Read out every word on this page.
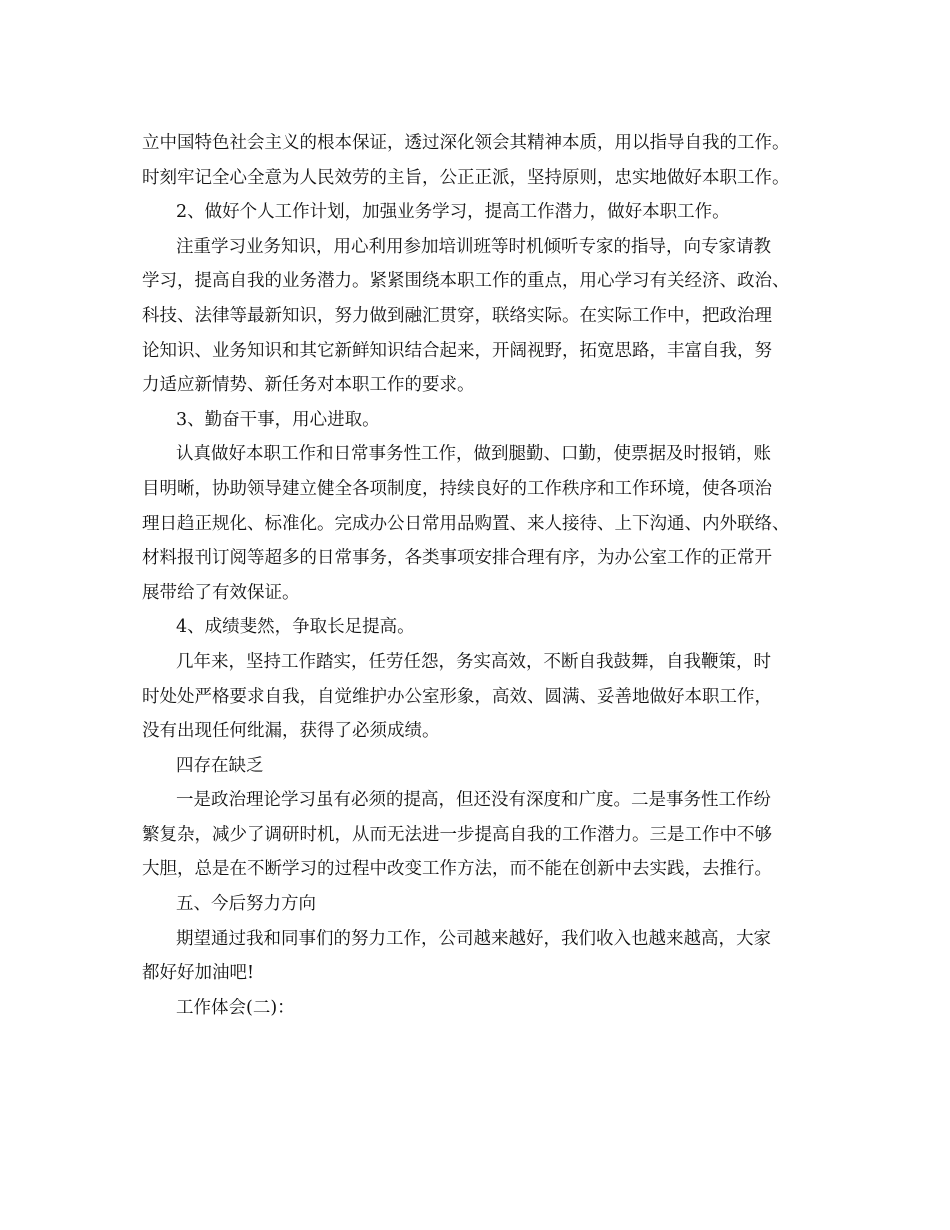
立中国特色社会主义的根本保证，透过深化领会其精神本质，用以指导自我的工作。
时刻牢记全心全意为人民效劳的主旨，公正正派，坚持原则，忠实地做好本职工作。
2、做好个人工作计划，加强业务学习，提高工作潜力，做好本职工作。
注重学习业务知识，用心利用参加培训班等时机倾听专家的指导，向专家请教
学习，提高自我的业务潜力。紧紧围绕本职工作的重点，用心学习有关经济、政治、
科技、法律等最新知识，努力做到融汇贯穿，联络实际。在实际工作中，把政治理
论知识、业务知识和其它新鲜知识结合起来，开阔视野，拓宽思路，丰富自我，努
力适应新情势、新任务对本职工作的要求。
3、勤奋干事，用心进取。
认真做好本职工作和日常事务性工作，做到腿勤、口勤，使票据及时报销，账
目明晰，协助领导建立健全各项制度，持续良好的工作秩序和工作环境，使各项治
理日趋正规化、标准化。完成办公日常用品购置、来人接待、上下沟通、内外联络、
材料报刊订阅等超多的日常事务，各类事项安排合理有序，为办公室工作的正常开
展带给了有效保证。
4、成绩斐然，争取长足提高。
几年来，坚持工作踏实，任劳任怨，务实高效，不断自我鼓舞，自我鞭策，时
时处处严格要求自我，自觉维护办公室形象，高效、圆满、妥善地做好本职工作，
没有出现任何纰漏，获得了必须成绩。
四存在缺乏
一是政治理论学习虽有必须的提高，但还没有深度和广度。二是事务性工作纷
繁复杂，减少了调研时机，从而无法进一步提高自我的工作潜力。三是工作中不够
大胆，总是在不断学习的过程中改变工作方法，而不能在创新中去实践，去推行。
五、今后努力方向
期望通过我和同事们的努力工作，公司越来越好，我们收入也越来越高，大家
都好好加油吧!
工作体会(二)：
